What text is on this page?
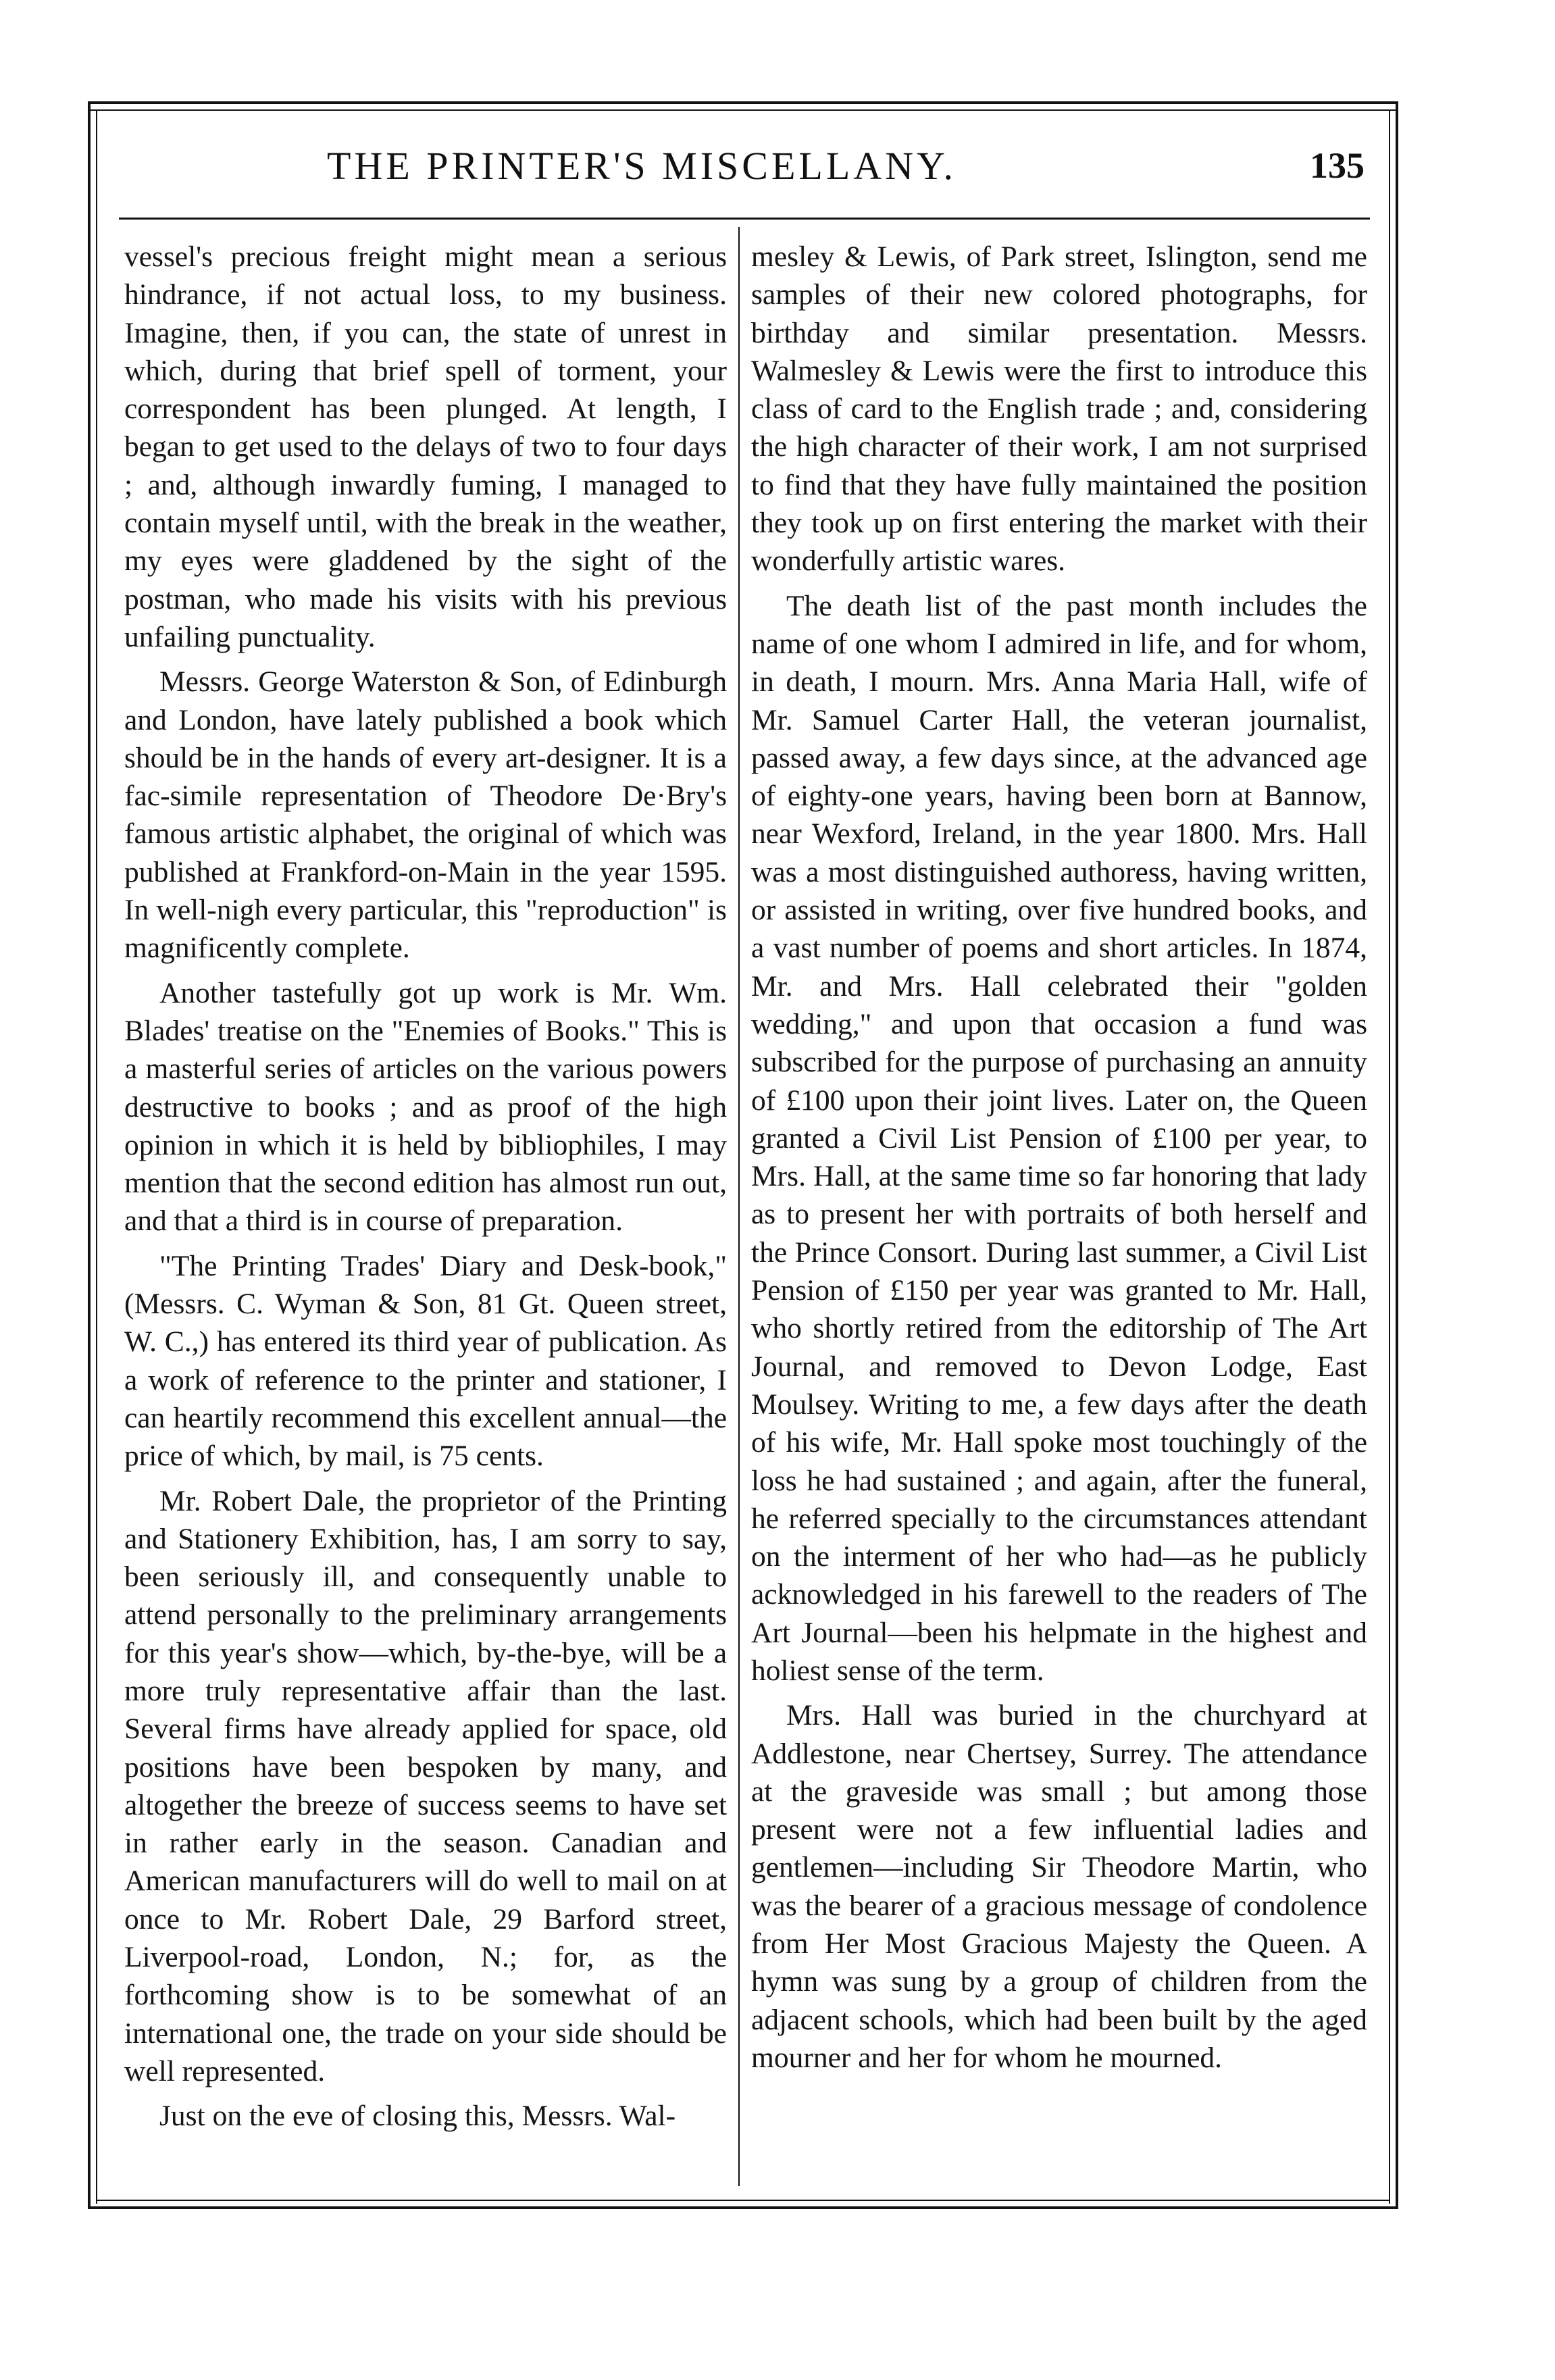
THE PRINTER'S MISCELLANY.	135

vessel's precious freight might mean a serious hindrance, if not actual loss, to my business. Imagine, then, if you can, the state of unrest in which, during that brief spell of torment, your correspondent has been plunged. At length, I began to get used to the delays of two to four days ; and, although inwardly fuming, I managed to contain myself until, with the break in the weather, my eyes were gladdened by the sight of the postman, who made his visits with his previous unfailing punctuality.

Messrs. George Waterston & Son, of Edinburgh and London, have lately published a book which should be in the hands of every art-designer. It is a fac-simile representation of Theodore De·Bry's famous artistic alphabet, the original of which was published at Frankford-on-Main in the year 1595. In well-nigh every particular, this "reproduction" is magnificently complete.

Another tastefully got up work is Mr. Wm. Blades' treatise on the "Enemies of Books." This is a masterful series of articles on the various powers destructive to books ; and as proof of the high opinion in which it is held by bibliophiles, I may mention that the second edition has almost run out, and that a third is in course of preparation.

"The Printing Trades' Diary and Desk-book," (Messrs. C. Wyman & Son, 81 Gt. Queen street, W. C.,) has entered its third year of publication. As a work of reference to the printer and stationer, I can heartily recommend this excellent annual—the price of which, by mail, is 75 cents.

Mr. Robert Dale, the proprietor of the Printing and Stationery Exhibition, has, I am sorry to say, been seriously ill, and consequently unable to attend personally to the preliminary arrangements for this year's show—which, by-the-bye, will be a more truly representative affair than the last. Several firms have already applied for space, old positions have been bespoken by many, and altogether the breeze of success seems to have set in rather early in the season. Canadian and American manufacturers will do well to mail on at once to Mr. Robert Dale, 29 Barford street, Liverpool-road, London, N.; for, as the forthcoming show is to be somewhat of an international one, the trade on your side should be well represented.

Just on the eve of closing this, Messrs. Wal-

mesley & Lewis, of Park street, Islington, send me samples of their new colored photographs, for birthday and similar presentation. Messrs. Walmesley & Lewis were the first to introduce this class of card to the English trade ; and, considering the high character of their work, I am not surprised to find that they have fully maintained the position they took up on first entering the market with their wonderfully artistic wares.

The death list of the past month includes the name of one whom I admired in life, and for whom, in death, I mourn. Mrs. Anna Maria Hall, wife of Mr. Samuel Carter Hall, the veteran journalist, passed away, a few days since, at the advanced age of eighty-one years, having been born at Bannow, near Wexford, Ireland, in the year 1800. Mrs. Hall was a most distinguished authoress, having written, or assisted in writing, over five hundred books, and a vast number of poems and short articles. In 1874, Mr. and Mrs. Hall celebrated their "golden wedding," and upon that occasion a fund was subscribed for the purpose of purchasing an annuity of £100 upon their joint lives. Later on, the Queen granted a Civil List Pension of £100 per year, to Mrs. Hall, at the same time so far honoring that lady as to present her with portraits of both herself and the Prince Consort. During last summer, a Civil List Pension of £150 per year was granted to Mr. Hall, who shortly retired from the editorship of The Art Journal, and removed to Devon Lodge, East Moulsey. Writing to me, a few days after the death of his wife, Mr. Hall spoke most touchingly of the loss he had sustained ; and again, after the funeral, he referred specially to the circumstances attendant on the interment of her who had—as he publicly acknowledged in his farewell to the readers of The Art Journal—been his helpmate in the highest and holiest sense of the term.

Mrs. Hall was buried in the churchyard at Addlestone, near Chertsey, Surrey. The attendance at the graveside was small ; but among those present were not a few influential ladies and gentlemen—including Sir Theodore Martin, who was the bearer of a gracious message of condolence from Her Most Gracious Majesty the Queen. A hymn was sung by a group of children from the adjacent schools, which had been built by the aged mourner and her for whom he mourned.
